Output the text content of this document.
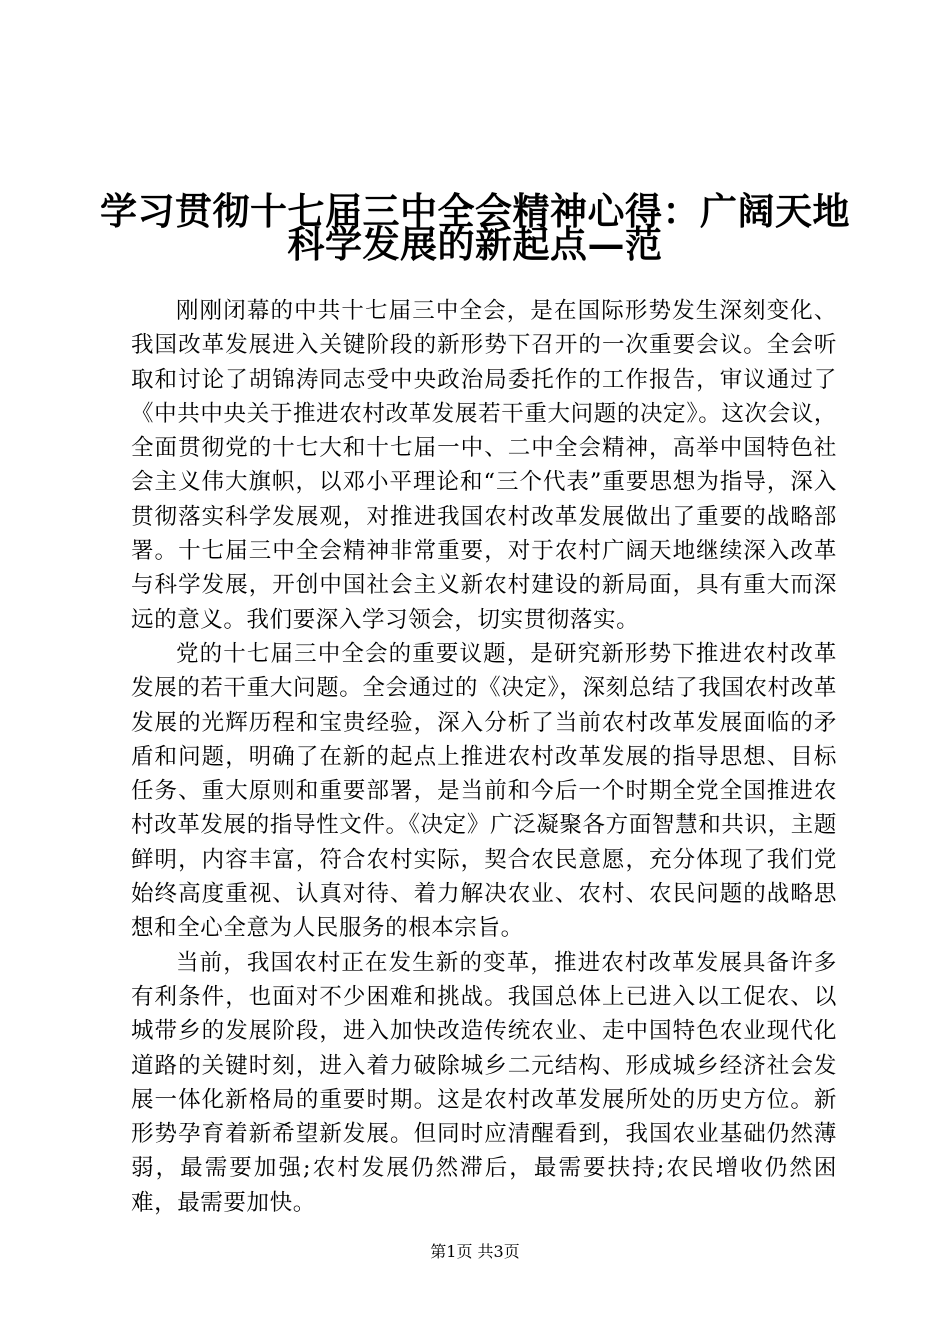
学习贯彻十七届三中全会精神心得：广阔天地
科学发展的新起点—范

刚刚闭幕的中共十七届三中全会，是在国际形势发生深刻变化、我国改革发展进入关键阶段的新形势下召开的一次重要会议。全会听取和讨论了胡锦涛同志受中央政治局委托作的工作报告，审议通过了《中共中央关于推进农村改革发展若干重大问题的决定》。这次会议，全面贯彻党的十七大和十七届一中、二中全会精神，高举中国特色社会主义伟大旗帜，以邓小平理论和“三个代表”重要思想为指导，深入贯彻落实科学发展观，对推进我国农村改革发展做出了重要的战略部署。十七届三中全会精神非常重要，对于农村广阔天地继续深入改革与科学发展，开创中国社会主义新农村建设的新局面，具有重大而深远的意义。我们要深入学习领会，切实贯彻落实。

党的十七届三中全会的重要议题，是研究新形势下推进农村改革发展的若干重大问题。全会通过的《决定》，深刻总结了我国农村改革发展的光辉历程和宝贵经验，深入分析了当前农村改革发展面临的矛盾和问题，明确了在新的起点上推进农村改革发展的指导思想、目标任务、重大原则和重要部署，是当前和今后一个时期全党全国推进农村改革发展的指导性文件。《决定》广泛凝聚各方面智慧和共识，主题鲜明，内容丰富，符合农村实际，契合农民意愿，充分体现了我们党始终高度重视、认真对待、着力解决农业、农村、农民问题的战略思想和全心全意为人民服务的根本宗旨。

当前，我国农村正在发生新的变革，推进农村改革发展具备许多有利条件，也面对不少困难和挑战。我国总体上已进入以工促农、以城带乡的发展阶段，进入加快改造传统农业、走中国特色农业现代化道路的关键时刻，进入着力破除城乡二元结构、形成城乡经济社会发展一体化新格局的重要时期。这是农村改革发展所处的历史方位。新形势孕育着新希望新发展。但同时应清醒看到，我国农业基础仍然薄弱，最需要加强;农村发展仍然滞后，最需要扶持;农民增收仍然困难，最需要加快。

第1页 共3页
